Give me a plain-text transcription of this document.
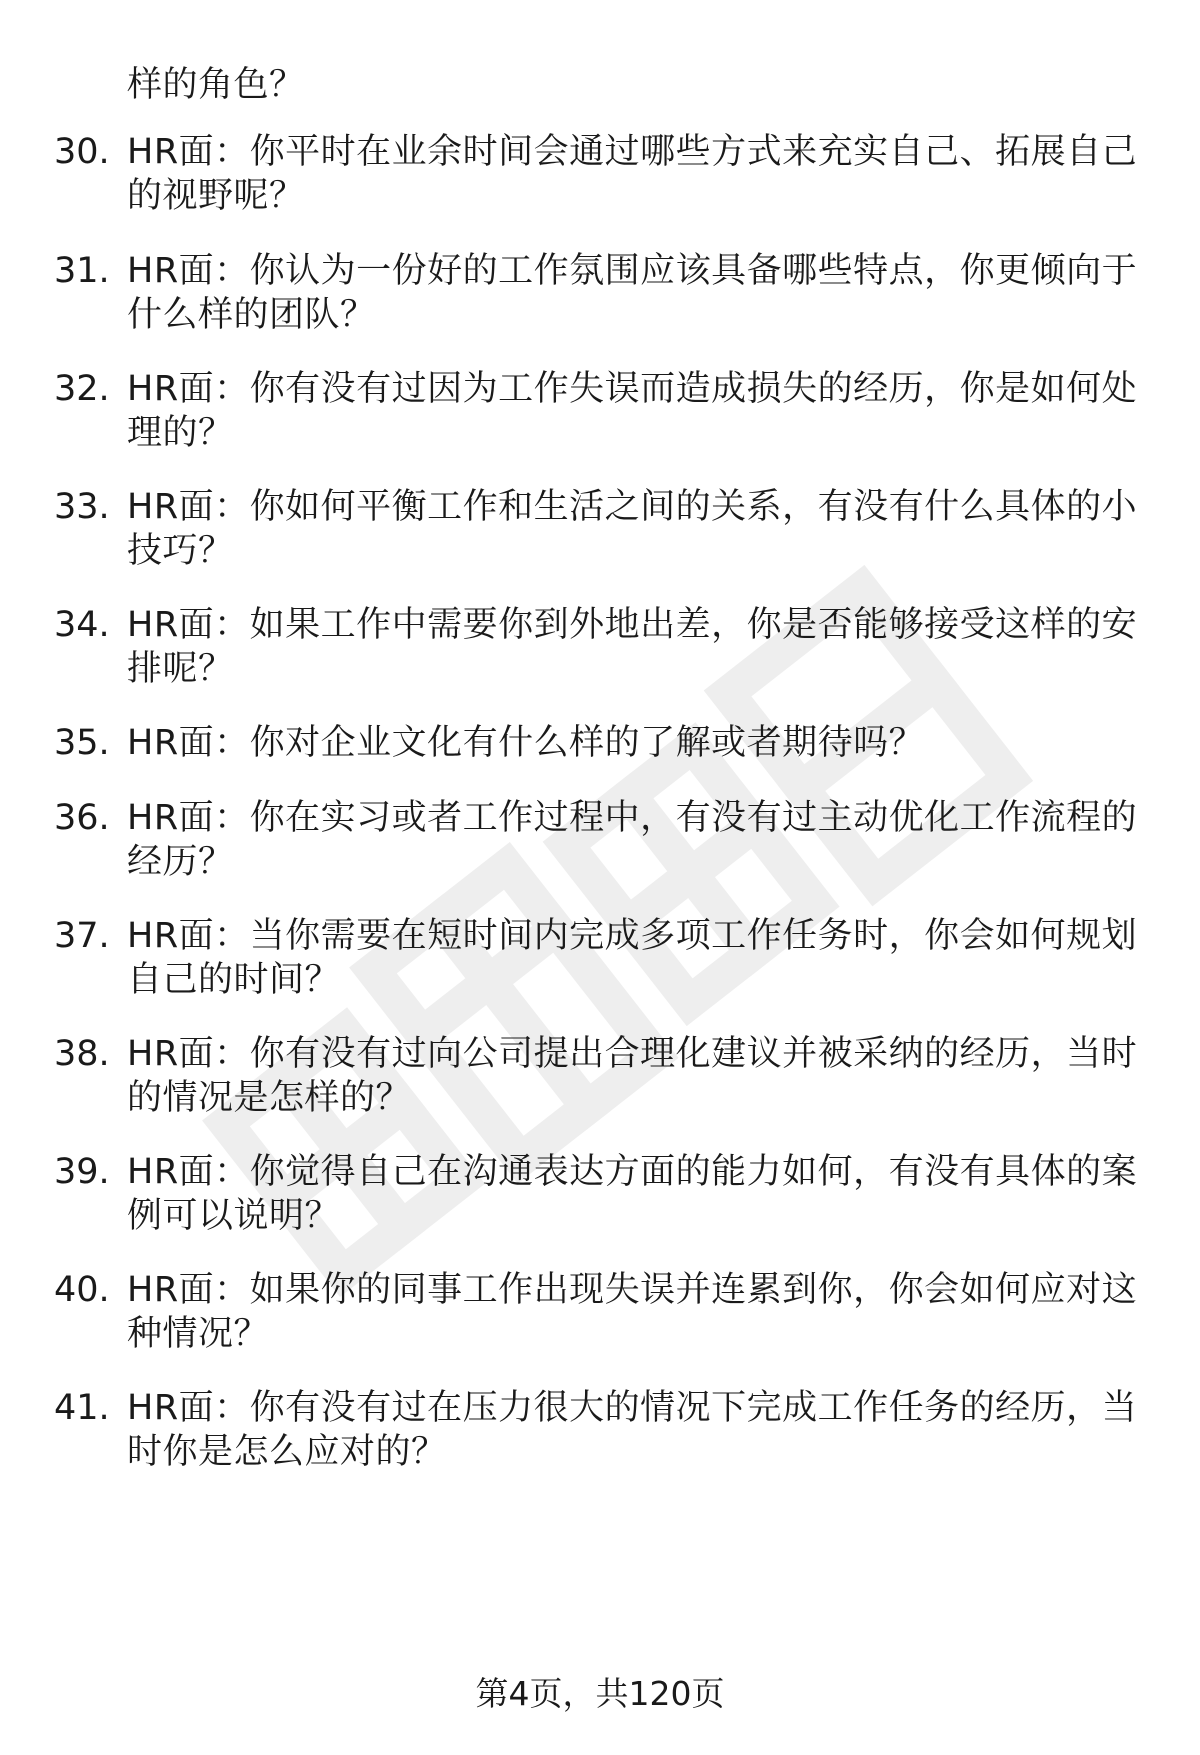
样的角色？
30. HR面：你平时在业余时间会通过哪些方式来充实自己、拓展自己
的视野呢？
31. HR面：你认为一份好的工作氛围应该具备哪些特点，你更倾向于
什么样的团队？
32. HR面：你有没有过因为工作失误而造成损失的经历，你是如何处
理的？
33. HR面：你如何平衡工作和生活之间的关系，有没有什么具体的小
技巧？
34. HR面：如果工作中需要你到外地出差，你是否能够接受这样的安
排呢？
35. HR面：你对企业文化有什么样的了解或者期待吗？
36. HR面：你在实习或者工作过程中，有没有过主动优化工作流程的
经历？
37. HR面：当你需要在短时间内完成多项工作任务时，你会如何规划
自己的时间？
38. HR面：你有没有过向公司提出合理化建议并被采纳的经历，当时
的情况是怎样的？
39. HR面：你觉得自己在沟通表达方面的能力如何，有没有具体的案
例可以说明？
40. HR面：如果你的同事工作出现失误并连累到你，你会如何应对这
种情况？
41. HR面：你有没有过在压力很大的情况下完成工作任务的经历，当
时你是怎么应对的？
第4页，共120页
